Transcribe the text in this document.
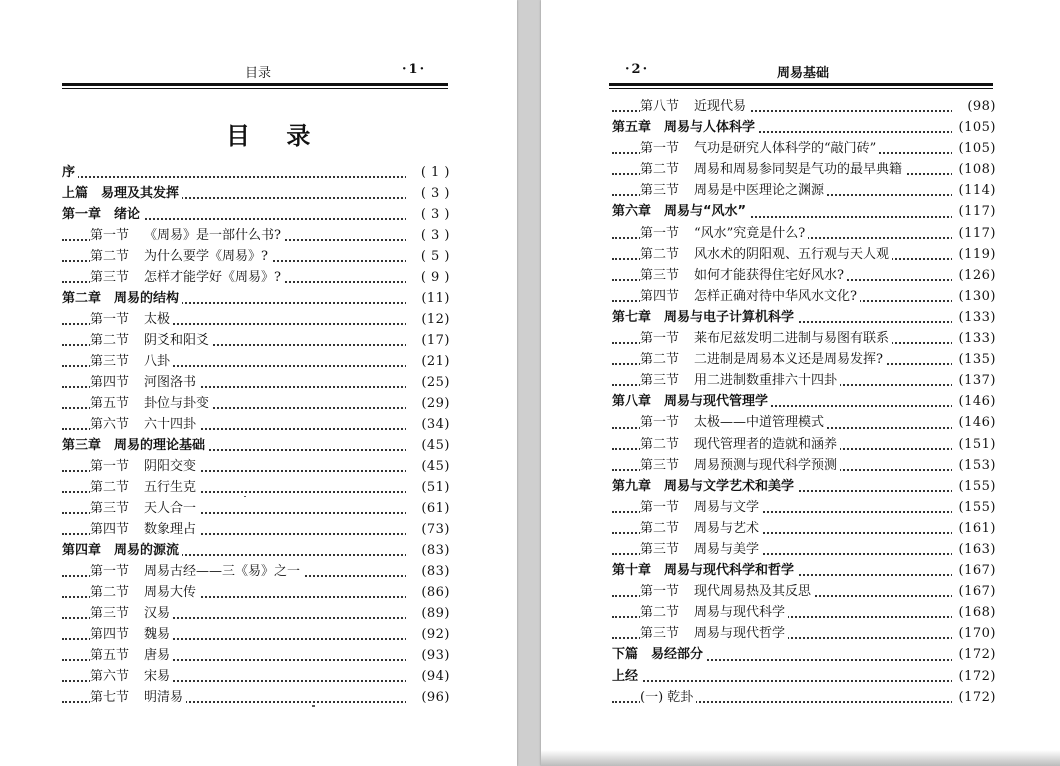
目录	·1·
目 录
序	( 1 )
上篇　易理及其发挥	( 3 )
第一章　绪论	( 3 )
第一节 《周易》是一部什么书?	( 3 )
第二节 为什么要学《周易》?	( 5 )
第三节 怎样才能学好《周易》?	( 9 )
第二章　周易的结构	(11)
第一节 太极	(12)
第二节 阴爻和阳爻	(17)
第三节 八卦	(21)
第四节 河图洛书	(25)
第五节 卦位与卦变	(29)
第六节 六十四卦	(34)
第三章　周易的理论基础	(45)
第一节 阴阳交变	(45)
第二节 五行生克	(51)
第三节 天人合一	(61)
第四节 数象理占	(73)
第四章　周易的源流	(83)
第一节 周易古经——三《易》之一	(83)
第二节 周易大传	(86)
第三节 汉易	(89)
第四节 魏易	(92)
第五节 唐易	(93)
第六节 宋易	(94)
第七节 明清易	(96)
·2·	周易基础
第八节 近现代易	(98)
第五章　周易与人体科学	(105)
第一节 气功是研究人体科学的“敲门砖”	(105)
第二节 周易和周易参同契是气功的最早典籍	(108)
第三节 周易是中医理论之渊源	(114)
第六章　周易与“风水”	(117)
第一节 “风水”究竟是什么?	(117)
第二节 风水术的阴阳观、五行观与天人观	(119)
第三节 如何才能获得住宅好风水?	(126)
第四节 怎样正确对待中华风水文化?	(130)
第七章　周易与电子计算机科学	(133)
第一节 莱布尼兹发明二进制与易图有联系	(133)
第二节 二进制是周易本义还是周易发挥?	(135)
第三节 用二进制数重排六十四卦	(137)
第八章　周易与现代管理学	(146)
第一节 太极——中道管理模式	(146)
第二节 现代管理者的造就和涵养	(151)
第三节 周易预测与现代科学预测	(153)
第九章　周易与文学艺术和美学	(155)
第一节 周易与文学	(155)
第二节 周易与艺术	(161)
第三节 周易与美学	(163)
第十章　周易与现代科学和哲学	(167)
第一节 现代周易热及其反思	(167)
第二节 周易与现代科学	(168)
第三节 周易与现代哲学	(170)
下篇　易经部分	(172)
上经	(172)
(一) 乾卦	(172)
